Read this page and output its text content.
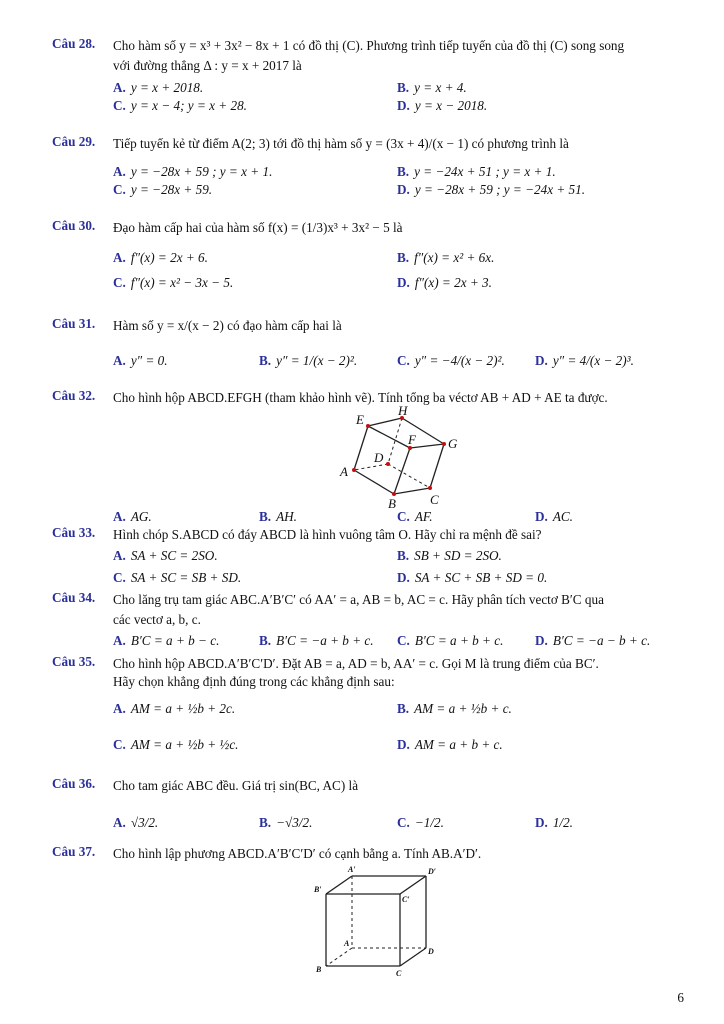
Câu 28. Cho hàm số y = x³ + 3x² − 8x + 1 có đồ thị (C). Phương trình tiếp tuyến của đồ thị (C) song song
với đường thẳng Δ : y = x + 2017 là
A. y = x + 2018.	B. y = x + 4.
C. y = x − 4; y = x + 28.	D. y = x − 2018.
Câu 29. Tiếp tuyến kẻ từ điểm A(2; 3) tới đồ thị hàm số y = (3x + 4)/(x − 1) có phương trình là
A. y = −28x + 59 ; y = x + 1.	B. y = −24x + 51 ; y = x + 1.
C. y = −28x + 59.	D. y = −28x + 59 ; y = −24x + 51.
Câu 30. Đạo hàm cấp hai của hàm số f(x) = (1/3)x³ + 3x² − 5 là
A. f″(x) = 2x + 6.	B. f″(x) = x² + 6x.
C. f″(x) = x² − 3x − 5.	D. f″(x) = 2x + 3.
Câu 31. Hàm số y = x/(x − 2) có đạo hàm cấp hai là
A. y″ = 0.	B. y″ = 1/(x − 2)².	C. y″ = −4/(x − 2)². D. y″ = 4/(x − 2)³.
Câu 32. Cho hình hộp ABCD.EFGH (tham khảo hình vẽ). Tính tổng ba véctơ AB + AD + AE ta được.
E
H
F G
D
A
B	C
A. AG.	B. AH.	C. AF.	D. AC.
Câu 33. Hình chóp S.ABCD có đáy ABCD là hình vuông tâm O. Hãy chỉ ra mệnh đề sai?
A. SA + SC = 2SO.	B. SB + SD = 2SO.
C. SA + SC = SB + SD.	D. SA + SC + SB + SD = 0.
Câu 34. Cho lăng trụ tam giác ABC.A′B′C′ có AA′ = a, AB = b, AC = c. Hãy phân tích vectơ B′C qua
các vectơ a, b, c.
A. B′C = a + b − c.	B. B′C = −a + b + c. C. B′C = a + b + c. D. B′C = −a − b + c.
Câu 35. Cho hình hộp ABCD.A′B′C′D′. Đặt AB = a, AD = b, AA′ = c. Gọi M là trung điểm của BC′.
Hãy chọn khẳng định đúng trong các khẳng định sau:
A. AM = a + ½b + 2c.	B. AM = a + ½b + c.
C. AM = a + ½b + ½c.	D. AM = a + b + c.
Câu 36. Cho tam giác ABC đều. Giá trị sin(BC, AC) là
A. √3/2.	B. −√3/2.	C. −1/2.	D. 1/2.
Câu 37. Cho hình lập phương ABCD.A′B′C′D′ có cạnh bằng a. Tính AB.A′D′.
A′	D′
B′
C′
A
D
B	C
6
